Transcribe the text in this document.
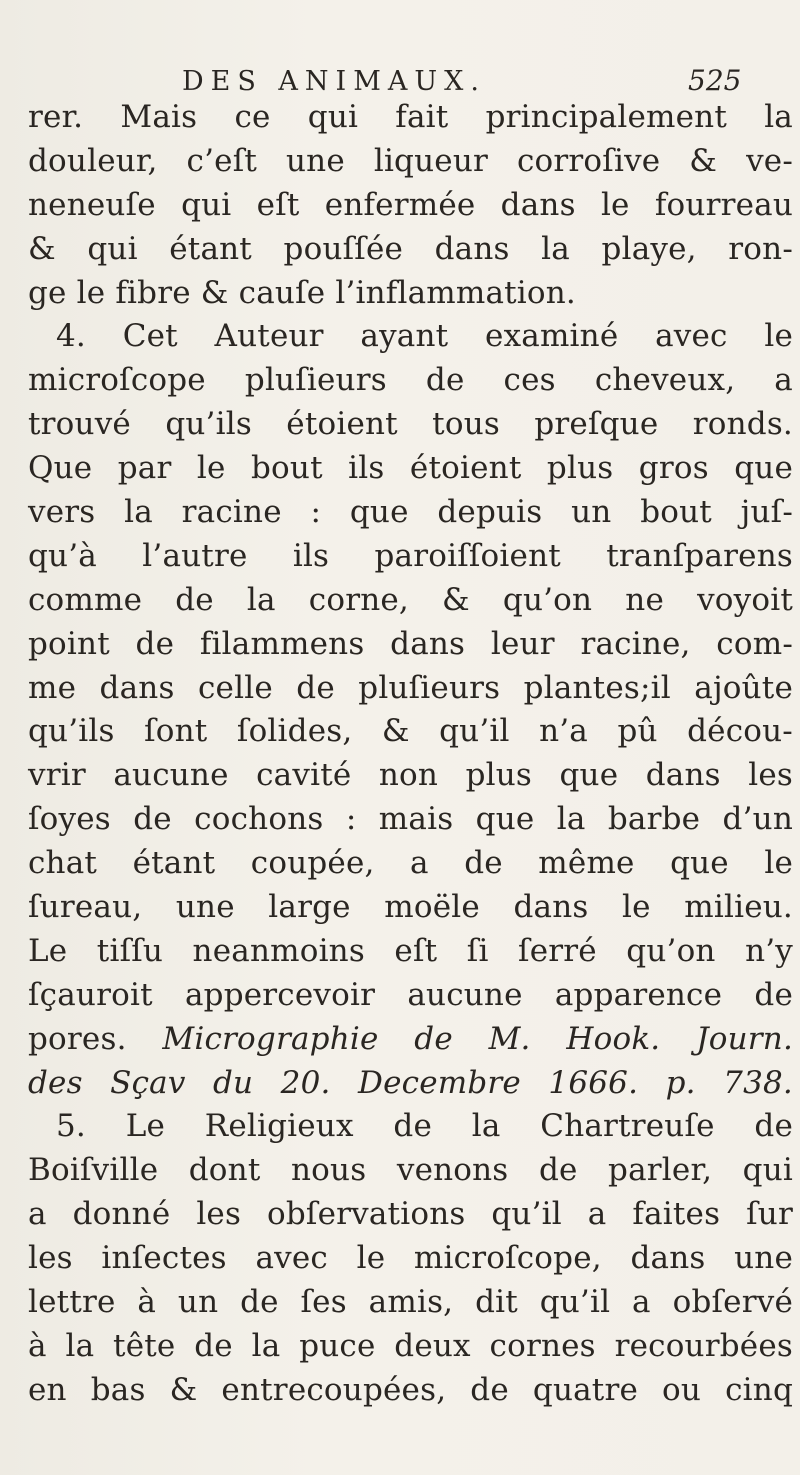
DES ANIMAUX.	525
rer. Mais ce qui fait principalement la
douleur, c’eſt une liqueur corroſive & ve-
neneuſe qui eſt enfermée dans le fourreau
& qui étant pouſſée dans la playe, ron-
ge le fibre & cauſe l’inflammation.
4. Cet Auteur ayant examiné avec le
microſcope pluſieurs de ces cheveux, a
trouvé qu’ils étoient tous preſque ronds.
Que par le bout ils étoient plus gros que
vers la racine : que depuis un bout juſ-
qu’à l’autre ils paroiſſoient tranſparens
comme de la corne, & qu’on ne voyoit
point de filammens dans leur racine, com-
me dans celle de pluſieurs plantes;il ajoûte
qu’ils ſont ſolides, & qu’il n’a pû décou-
vrir aucune cavité non plus que dans les
ſoyes de cochons : mais que la barbe d’un
chat étant coupée, a de même que le
ſureau, une large moële dans le milieu.
Le tiſſu neanmoins eſt ſi ſerré qu’on n’y
ſçauroit appercevoir aucune apparence de
pores. Micrographie de M. Hook. Journ.
des Sçav du 20. Decembre 1666. p. 738.
5. Le Religieux de la Chartreuſe de
Boiſville dont nous venons de parler, qui
a donné les obſervations qu’il a faites ſur
les inſectes avec le microſcope, dans une
lettre à un de ſes amis, dit qu’il a obſervé
à la tête de la puce deux cornes recourbées
en bas & entrecoupées, de quatre ou cinq
